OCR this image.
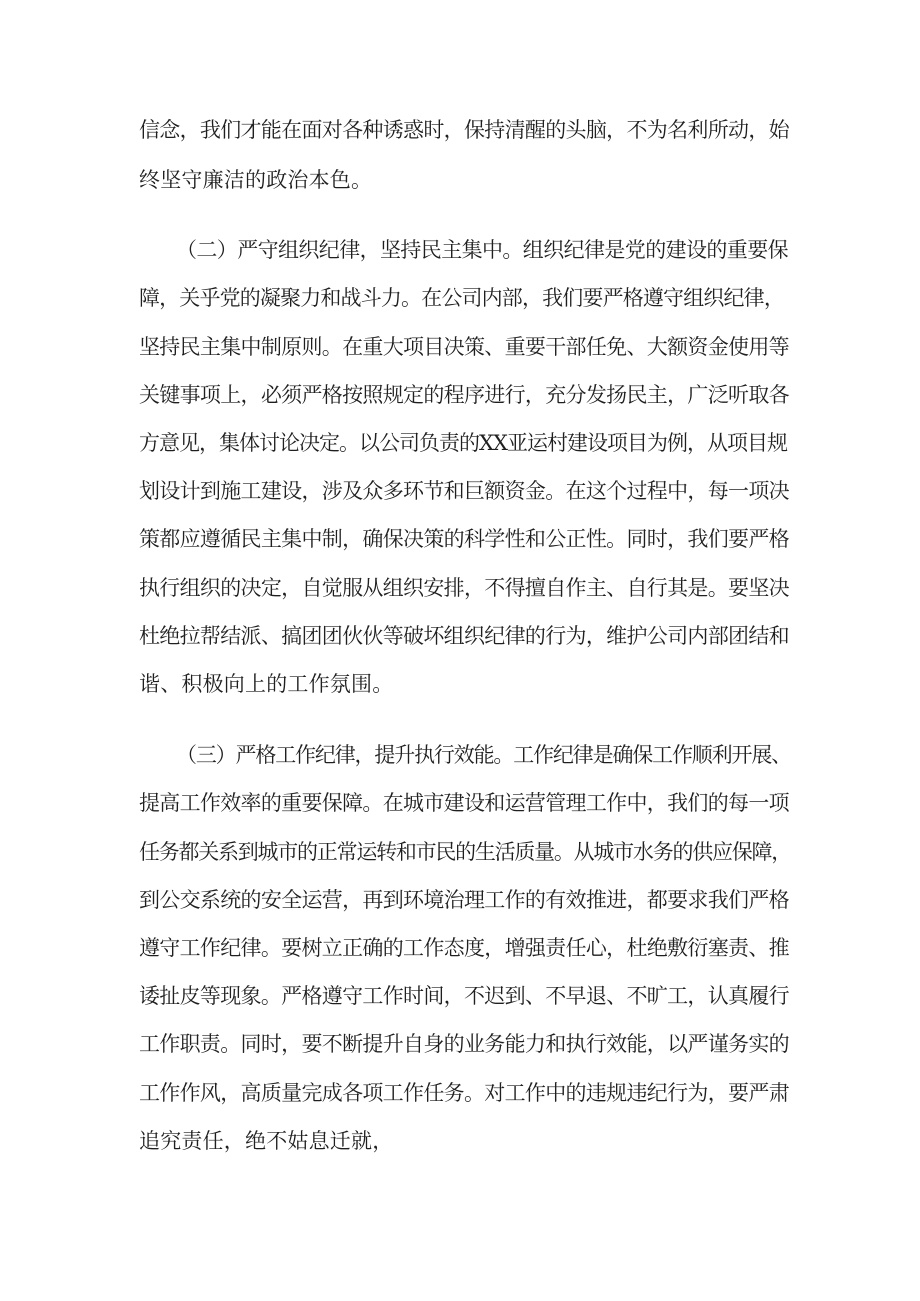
信念，我们才能在面对各种诱惑时，保持清醒的头脑，不为名利所动，始
终坚守廉洁的政治本色。
（二）严守组织纪律，坚持民主集中。组织纪律是党的建设的重要保
障，关乎党的凝聚力和战斗力。在公司内部，我们要严格遵守组织纪律，
坚持民主集中制原则。在重大项目决策、重要干部任免、大额资金使用等
关键事项上，必须严格按照规定的程序进行，充分发扬民主，广泛听取各
方意见，集体讨论决定。以公司负责的XX亚运村建设项目为例，从项目规
划设计到施工建设，涉及众多环节和巨额资金。在这个过程中，每一项决
策都应遵循民主集中制，确保决策的科学性和公正性。同时，我们要严格
执行组织的决定，自觉服从组织安排，不得擅自作主、自行其是。要坚决
杜绝拉帮结派、搞团团伙伙等破坏组织纪律的行为，维护公司内部团结和
谐、积极向上的工作氛围。
（三）严格工作纪律，提升执行效能。工作纪律是确保工作顺利开展、
提高工作效率的重要保障。在城市建设和运营管理工作中，我们的每一项
任务都关系到城市的正常运转和市民的生活质量。从城市水务的供应保障，
到公交系统的安全运营，再到环境治理工作的有效推进，都要求我们严格
遵守工作纪律。要树立正确的工作态度，增强责任心，杜绝敷衍塞责、推
诿扯皮等现象。严格遵守工作时间，不迟到、不早退、不旷工，认真履行
工作职责。同时，要不断提升自身的业务能力和执行效能，以严谨务实的
工作作风，高质量完成各项工作任务。对工作中的违规违纪行为，要严肃
追究责任，绝不姑息迁就，
